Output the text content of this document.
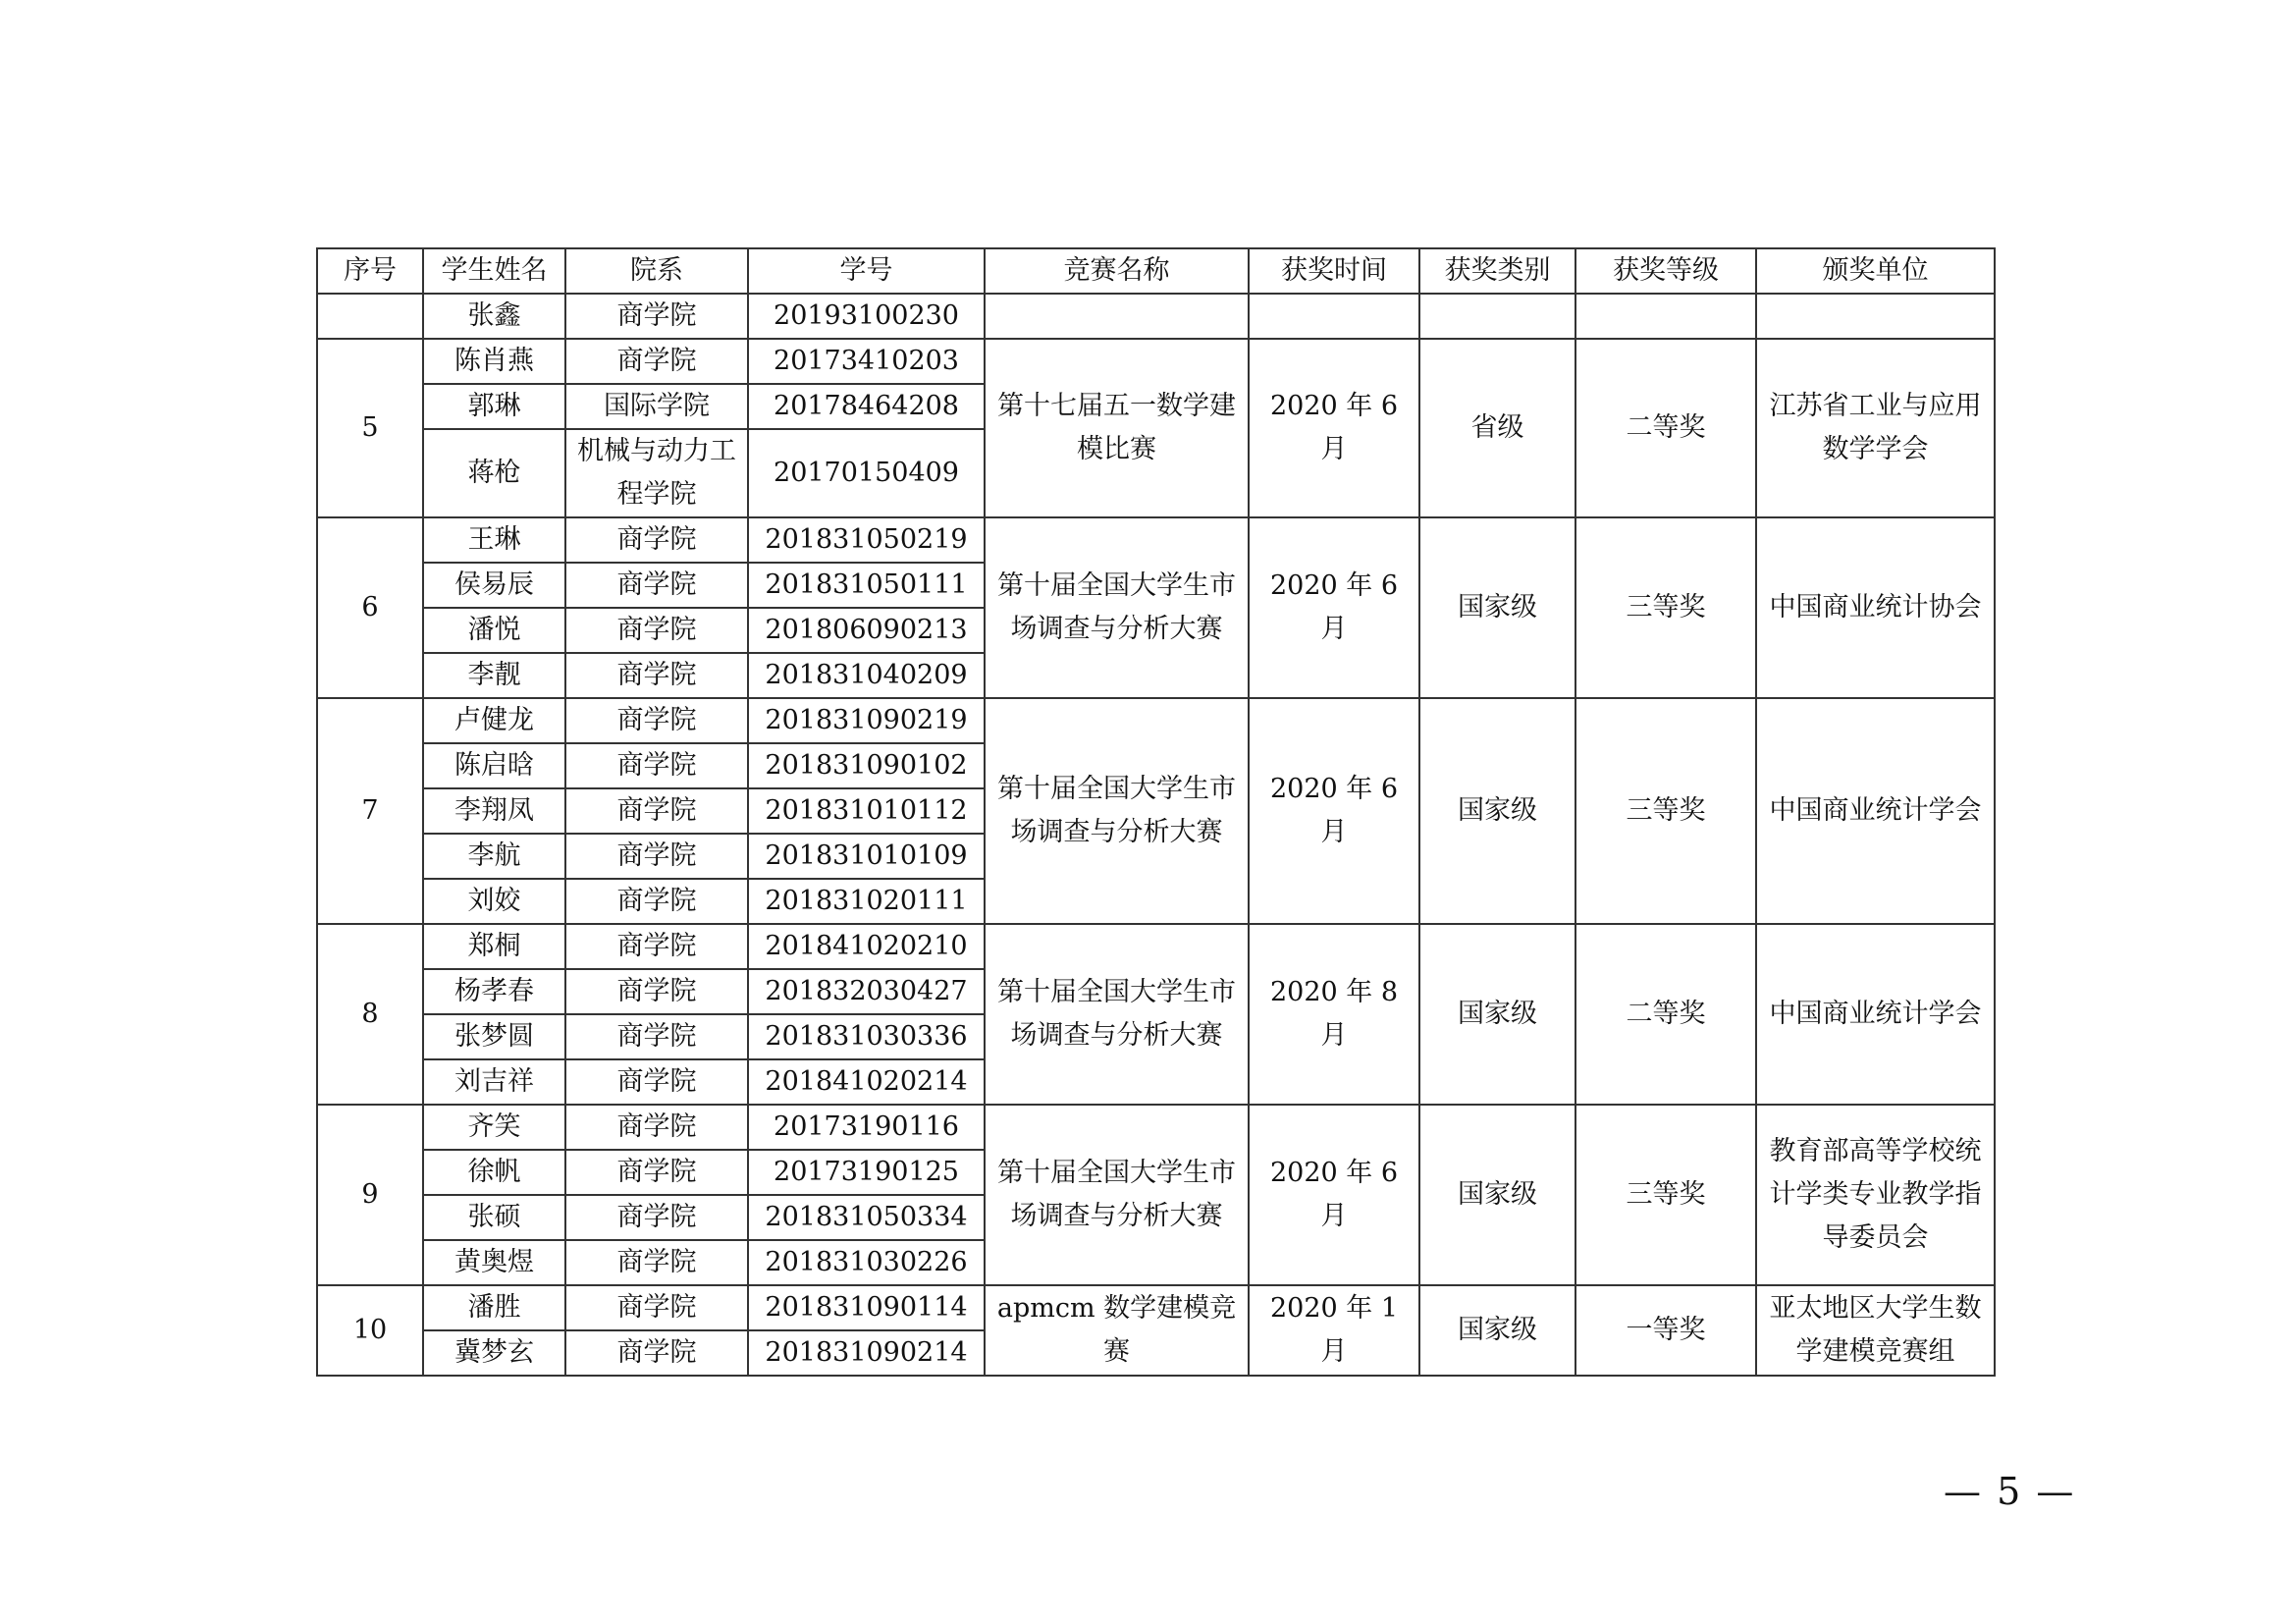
序号	学生姓名	院系	学号	竞赛名称	获奖时间	获奖类别	获奖等级	颁奖单位
	张鑫	商学院	20193100230					
5	陈肖燕	商学院	20173410203	第十七届五一数学建模比赛	2020 年 6 月	省级	二等奖	江苏省工业与应用数学学会
	郭琳	国际学院	20178464208					
	蒋枪	机械与动力工程学院	20170150409					
6	王琳	商学院	201831050219	第十届全国大学生市场调查与分析大赛	2020 年 6 月	国家级	三等奖	中国商业统计协会
	侯易辰	商学院	201831050111					
	潘悦	商学院	201806090213					
	李靓	商学院	201831040209					
7	卢健龙	商学院	201831090219	第十届全国大学生市场调查与分析大赛	2020 年 6 月	国家级	三等奖	中国商业统计学会
	陈启晗	商学院	201831090102					
	李翔凤	商学院	201831010112					
	李航	商学院	201831010109					
	刘姣	商学院	201831020111					
8	郑桐	商学院	201841020210	第十届全国大学生市场调查与分析大赛	2020 年 8 月	国家级	二等奖	中国商业统计学会
	杨孝春	商学院	201832030427					
	张梦圆	商学院	201831030336					
	刘吉祥	商学院	201841020214					
9	齐笑	商学院	20173190116	第十届全国大学生市场调查与分析大赛	2020 年 6 月	国家级	三等奖	教育部高等学校统计学类专业教学指导委员会
	徐帆	商学院	20173190125					
	张硕	商学院	201831050334					
	黄奥煜	商学院	201831030226					
10	潘胜	商学院	201831090114	apmcm 数学建模竞赛	2020 年 1 月	国家级	一等奖	亚太地区大学生数学建模竞赛组
	冀梦玄	商学院	201831090214					
— 5 —
